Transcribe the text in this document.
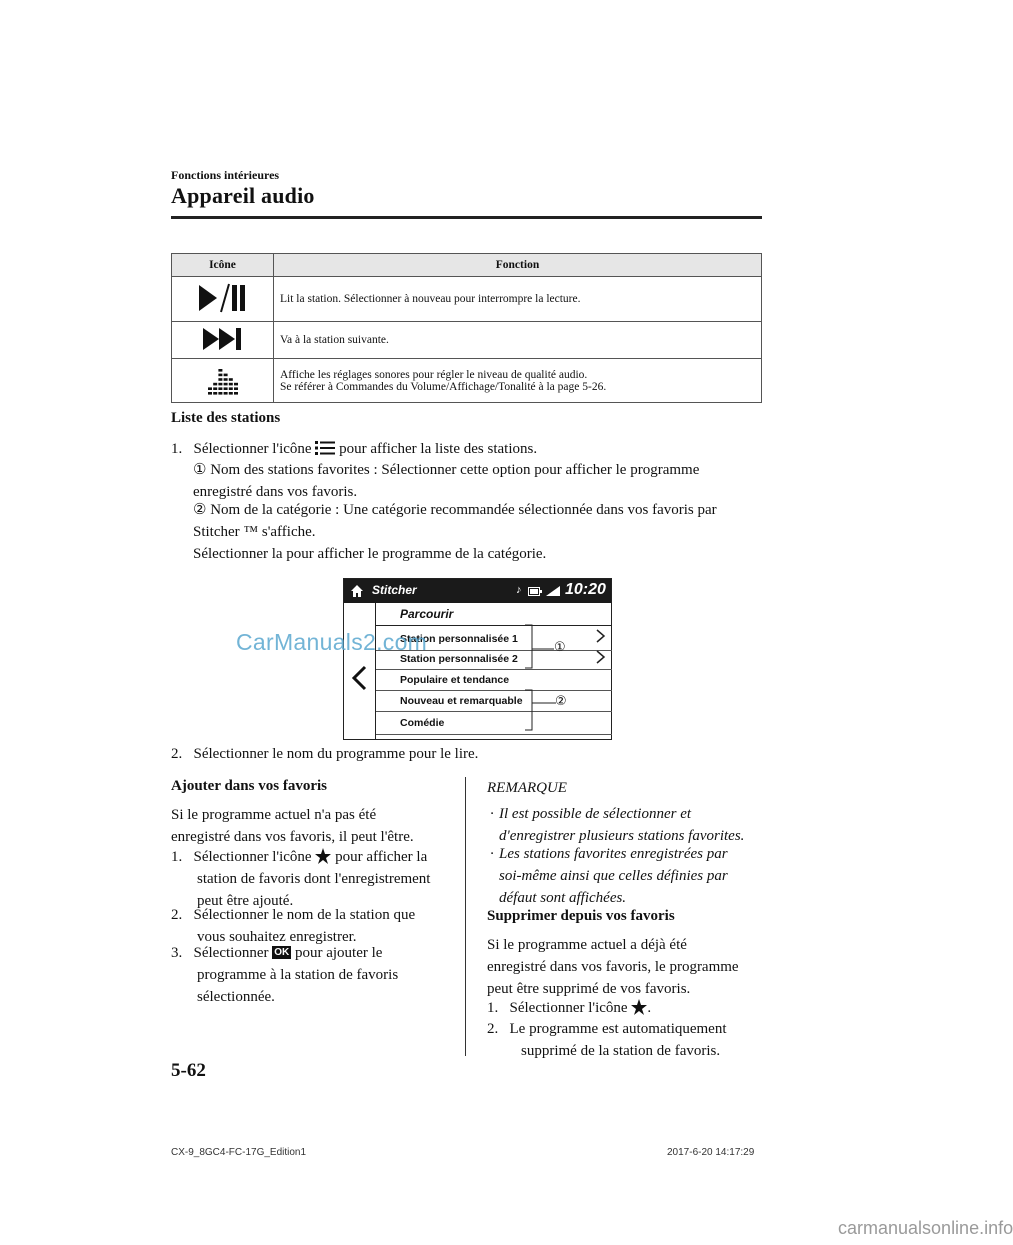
Fonctions intérieures
Appareil audio
Icône	Fonction
	Lit la station. Sélectionner à nouveau pour interrompre la lecture.
	Va à la station suivante.

Affiche les réglages sonores pour régler le niveau de qualité audio.
Se référer à Commandes du Volume/Affichage/Tonalité à la page 5-26.
Liste des stations
1. Sélectionner l'icône pour afficher la liste des stations.
① Nom des stations favorites : Sélectionner cette option pour afficher le programme
enregistré dans vos favoris.
② Nom de la catégorie : Une catégorie recommandée sélectionnée dans vos favoris par
Stitcher ™ s'affiche.
Sélectionner la pour afficher le programme de la catégorie.
Stitcher	♪	10:20
Parcourir
Station personnalisée 1
Station personnalisée 2
Populaire et tendance
Nouveau et remarquable
Comédie
①
②
CarManuals2.com
2. Sélectionner le nom du programme pour le lire.
Ajouter dans vos favoris
Si le programme actuel n'a pas été
enregistré dans vos favoris, il peut l'être.
1. Sélectionner l'icône pour afficher la
station de favoris dont l'enregistrement
peut être ajouté.
2. Sélectionner le nom de la station que
vous souhaitez enregistrer.
3. Sélectionner OK pour ajouter le
programme à la station de favoris
sélectionnée.
REMARQUE
· Il est possible de sélectionner et
d'enregistrer plusieurs stations favorites.
· Les stations favorites enregistrées par
soi-même ainsi que celles définies par
défaut sont affichées.
Supprimer depuis vos favoris
Si le programme actuel a déjà été
enregistré dans vos favoris, le programme
peut être supprimé de vos favoris.
1. Sélectionner l'icône .
2. Le programme est automatiquement
supprimé de la station de favoris.
5-62
CX-9_8GC4-FC-17G_Edition1	2017-6-20 14:17:29
carmanualsonline.info
